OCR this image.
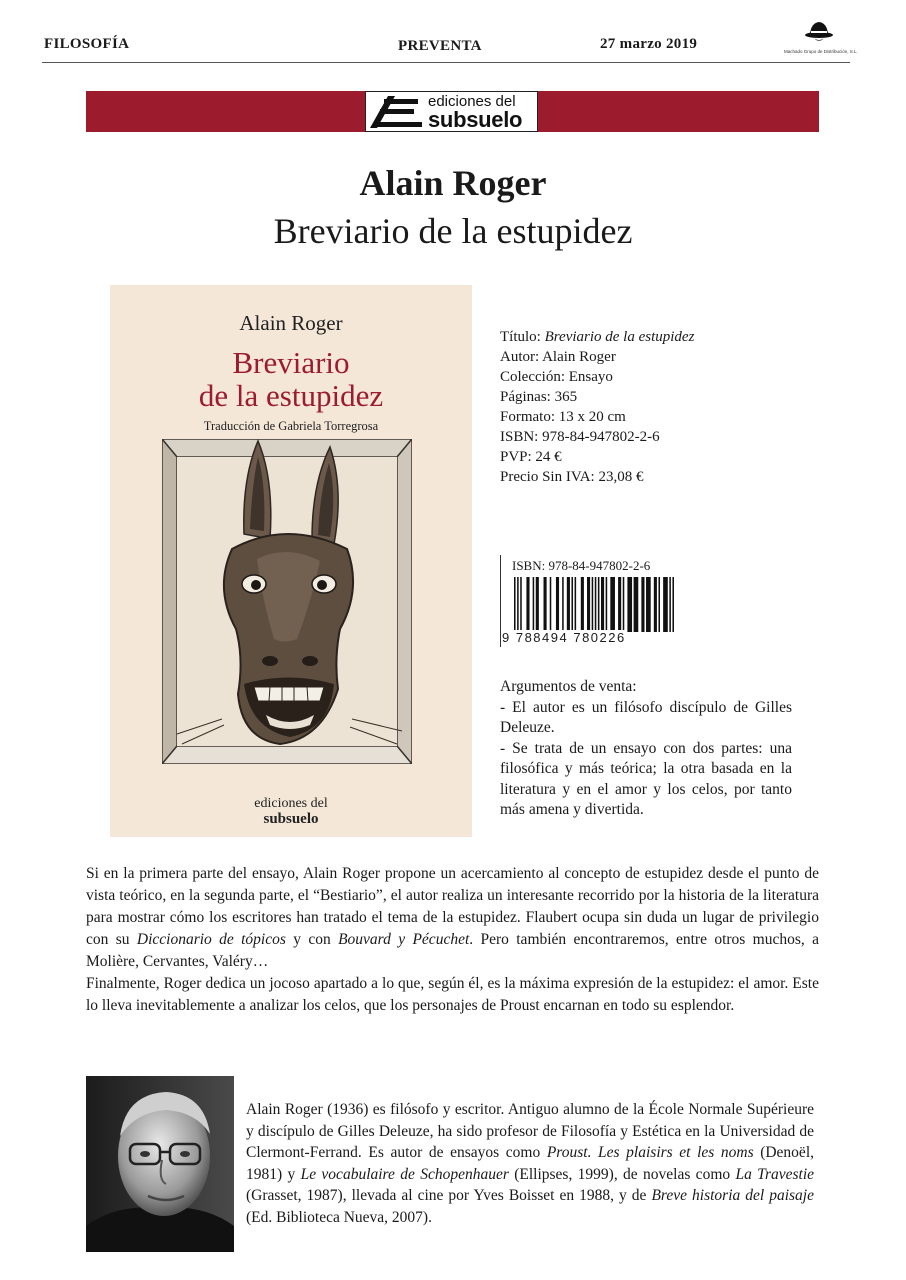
FILOSOFÍA	PREVENTA	27 marzo 2019	Machado Grupo de Distribución, S.L.
ediciones del
subsuelo
Alain Roger
Breviario de la estupidez
Alain Roger
Breviario
de la estupidez
Traducción de Gabriela Torregrosa
ediciones del
subsuelo
Título: Breviario de la estupidez
Autor: Alain Roger
Colección: Ensayo
Páginas: 365
Formato: 13 x 20 cm
ISBN: 978-84-947802-2-6
PVP: 24 €
Precio Sin IVA: 23,08 €
ISBN: 978-84-947802-2-6
9 788494 780226
Argumentos de venta:

- El autor es un filósofo discípulo de Gilles Deleuze.

- Se trata de un ensayo con dos partes: una filosófica y más teórica; la otra basada en la literatura y en el amor y los celos, por tanto más amena y divertida.

Si en la primera parte del ensayo, Alain Roger propone un acercamiento al concepto de estupidez desde el punto de vista teórico, en la segunda parte, el “Bestiario”, el autor realiza un interesante recorrido por la historia de la literatura para mostrar cómo los escritores han tratado el tema de la estupidez. Flaubert ocupa sin duda un lugar de privilegio con su Diccionario de tópicos y con Bouvard y Pécuchet. Pero también encontraremos, entre otros muchos, a Molière, Cervantes, Valéry…

Finalmente, Roger dedica un jocoso apartado a lo que, según él, es la máxima expresión de la estupidez: el amor. Este lo lleva inevitablemente a analizar los celos, que los personajes de Proust encarnan en todo su esplendor.

Alain Roger (1936) es filósofo y escritor. Antiguo alumno de la École Normale Supérieure y discípulo de Gilles Deleuze, ha sido profesor de Filosofía y Estética en la Universidad de Clermont-Ferrand. Es autor de ensayos como Proust. Les plaisirs et les noms (Denoël, 1981) y Le vocabulaire de Schopenhauer (Ellipses, 1999), de novelas como La Travestie (Grasset, 1987), llevada al cine por Yves Boisset en 1988, y de Breve historia del paisaje (Ed. Biblioteca Nueva, 2007).
